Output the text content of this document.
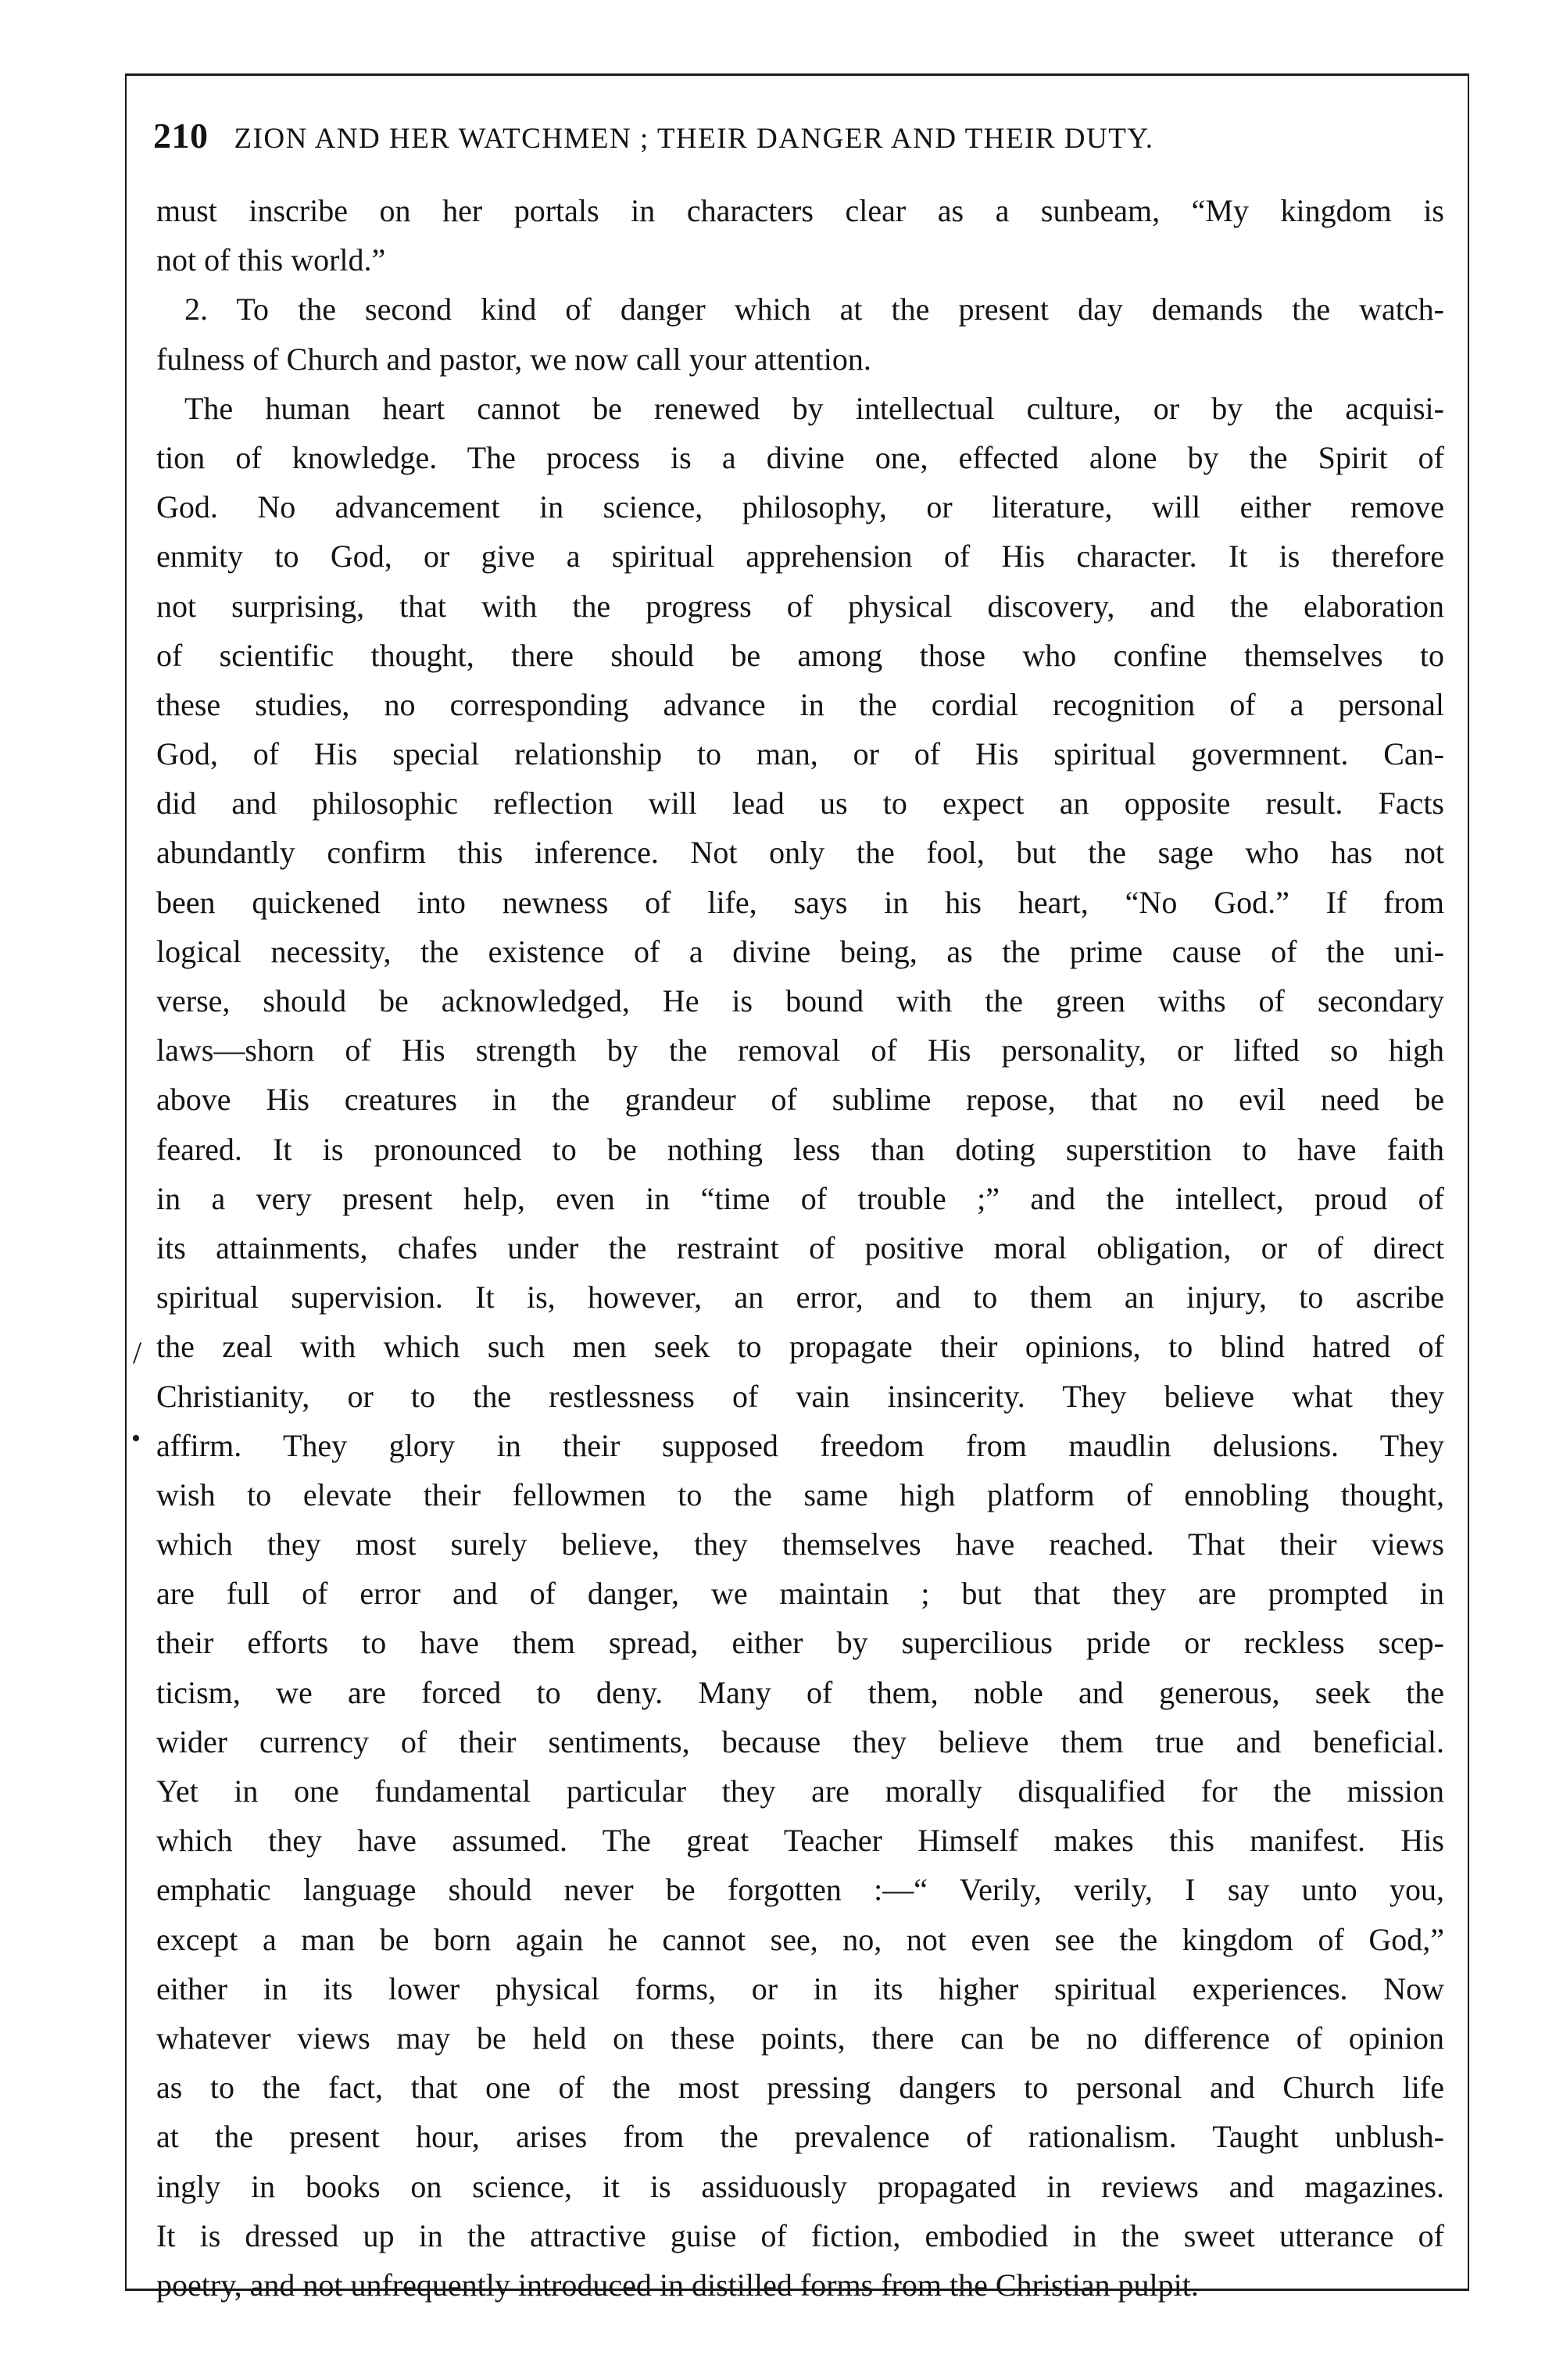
210 ZION AND HER WATCHMEN ; THEIR DANGER AND THEIR DUTY.
/
•
must inscribe on her portals in characters clear as a sunbeam, “My kingdom is
not of this world.”
2. To the second kind of danger which at the present day demands the watch-
fulness of Church and pastor, we now call your attention.
The human heart cannot be renewed by intellectual culture, or by the acquisi-
tion of knowledge. The process is a divine one, effected alone by the Spirit of
God. No advancement in science, philosophy, or literature, will either remove
enmity to God, or give a spiritual apprehension of His character. It is therefore
not surprising, that with the progress of physical discovery, and the elaboration
of scientific thought, there should be among those who confine themselves to
these studies, no corresponding advance in the cordial recognition of a personal
God, of His special relationship to man, or of His spiritual govermnent. Can-
did and philosophic reflection will lead us to expect an opposite result. Facts
abundantly confirm this inference. Not only the fool, but the sage who has not
been quickened into newness of life, says in his heart, “No God.” If from
logical necessity, the existence of a divine being, as the prime cause of the uni-
verse, should be acknowledged, He is bound with the green withs of secondary
laws—shorn of His strength by the removal of His personality, or lifted so high
above His creatures in the grandeur of sublime repose, that no evil need be
feared. It is pronounced to be nothing less than doting superstition to have faith
in a very present help, even in “time of trouble ;” and the intellect, proud of
its attainments, chafes under the restraint of positive moral obligation, or of direct
spiritual supervision. It is, however, an error, and to them an injury, to ascribe
the zeal with which such men seek to propagate their opinions, to blind hatred of
Christianity, or to the restlessness of vain insincerity. They believe what they
affirm. They glory in their supposed freedom from maudlin delusions. They
wish to elevate their fellowmen to the same high platform of ennobling thought,
which they most surely believe, they themselves have reached. That their views
are full of error and of danger, we maintain ; but that they are prompted in
their efforts to have them spread, either by supercilious pride or reckless scep-
ticism, we are forced to deny. Many of them, noble and generous, seek the
wider currency of their sentiments, because they believe them true and beneficial.
Yet in one fundamental particular they are morally disqualified for the mission
which they have assumed. The great Teacher Himself makes this manifest. His
emphatic language should never be forgotten :—“ Verily, verily, I say unto you,
except a man be born again he cannot see, no, not even see the kingdom of God,”
either in its lower physical forms, or in its higher spiritual experiences. Now
whatever views may be held on these points, there can be no difference of opinion
as to the fact, that one of the most pressing dangers to personal and Church life
at the present hour, arises from the prevalence of rationalism. Taught unblush-
ingly in books on science, it is assiduously propagated in reviews and magazines.
It is dressed up in the attractive guise of fiction, embodied in the sweet utterance of
poetry, and not unfrequently introduced in distilled forms from the Christian pulpit.
